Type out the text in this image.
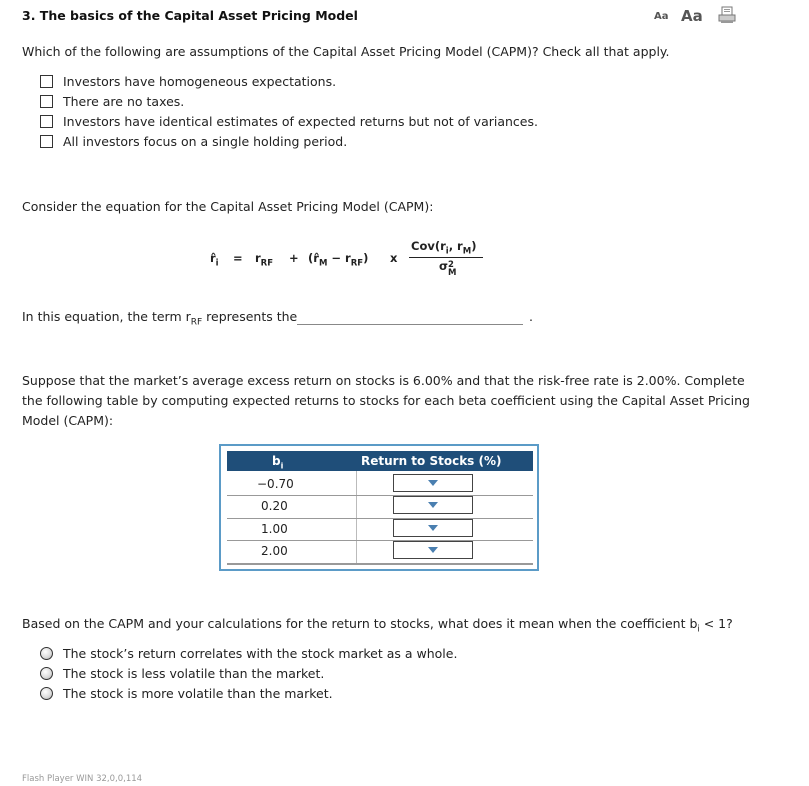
3. The basics of the Capital Asset Pricing Model	Aa Aa
Which of the following are assumptions of the Capital Asset Pricing Model (CAPM)? Check all that apply.
Investors have homogeneous expectations.
There are no taxes.
Investors have identical estimates of expected returns but not of variances.
All investors focus on a single holding period.
Consider the equation for the Capital Asset Pricing Model (CAPM):
$r̂_i = r_{RF}$ + $(r̂_M - r_{RF})$ x
$Cov(r_i$, $r_M$)
σ 2
M
In this equation, the term $r_{RF}$ represents the	.
Suppose that the market’s average excess return on stocks is 6.00% and that the risk-free rate is 2.00%. Complete
the following table by computing expected returns to stocks for each beta coefficient using the Capital Asset Pricing
Model (CAPM):
$b_i$	Return to Stocks (%)
−0.70
0.20
1.00
2.00
Based on the CAPM and your calculations for the return to stocks, what does it mean when the coefficient $b_i < 1$?
The stock’s return correlates with the stock market as a whole.
The stock is less volatile than the market.
The stock is more volatile than the market.
Flash Player WIN 32,0,0,114
